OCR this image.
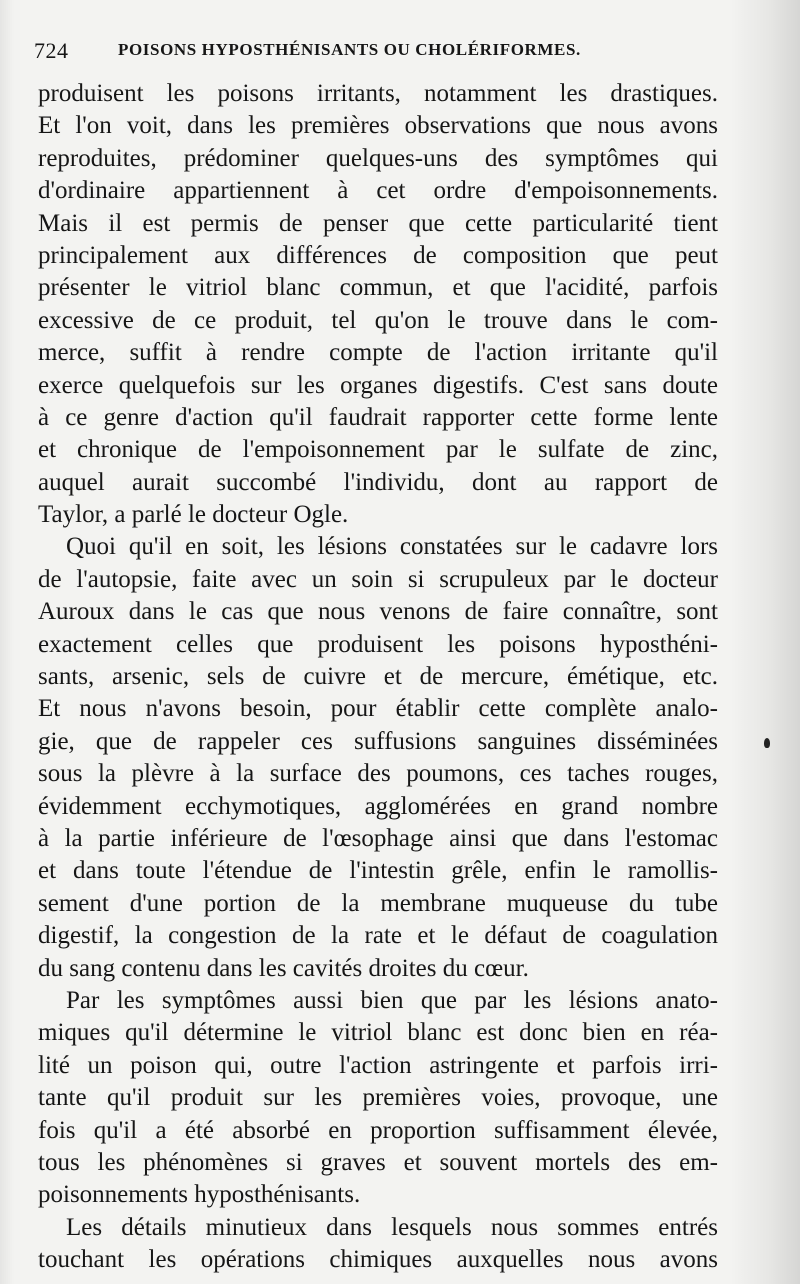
724	POISONS HYPOSTHÉNISANTS OU CHOLÉRIFORMES.
produisent les poisons irritants, notamment les drastiques.
Et l'on voit, dans les premières observations que nous avons
reproduites, prédominer quelques-uns des symptômes qui
d'ordinaire appartiennent à cet ordre d'empoisonnements.
Mais il est permis de penser que cette particularité tient
principalement aux différences de composition que peut
présenter le vitriol blanc commun, et que l'acidité, parfois
excessive de ce produit, tel qu'on le trouve dans le com-
merce, suffit à rendre compte de l'action irritante qu'il
exerce quelquefois sur les organes digestifs. C'est sans doute
à ce genre d'action qu'il faudrait rapporter cette forme lente
et chronique de l'empoisonnement par le sulfate de zinc,
auquel aurait succombé l'individu, dont au rapport de
Taylor, a parlé le docteur Ogle.
Quoi qu'il en soit, les lésions constatées sur le cadavre lors
de l'autopsie, faite avec un soin si scrupuleux par le docteur
Auroux dans le cas que nous venons de faire connaître, sont
exactement celles que produisent les poisons hyposthéni-
sants, arsenic, sels de cuivre et de mercure, émétique, etc.
Et nous n'avons besoin, pour établir cette complète analo-
gie, que de rappeler ces suffusions sanguines disséminées
sous la plèvre à la surface des poumons, ces taches rouges,
évidemment ecchymotiques, agglomérées en grand nombre
à la partie inférieure de l'œsophage ainsi que dans l'estomac
et dans toute l'étendue de l'intestin grêle, enfin le ramollis-
sement d'une portion de la membrane muqueuse du tube
digestif, la congestion de la rate et le défaut de coagulation
du sang contenu dans les cavités droites du cœur.
Par les symptômes aussi bien que par les lésions anato-
miques qu'il détermine le vitriol blanc est donc bien en réa-
lité un poison qui, outre l'action astringente et parfois irri-
tante qu'il produit sur les premières voies, provoque, une
fois qu'il a été absorbé en proportion suffisamment élevée,
tous les phénomènes si graves et souvent mortels des em-
poisonnements hyposthénisants.
Les détails minutieux dans lesquels nous sommes entrés
touchant les opérations chimiques auxquelles nous avons
